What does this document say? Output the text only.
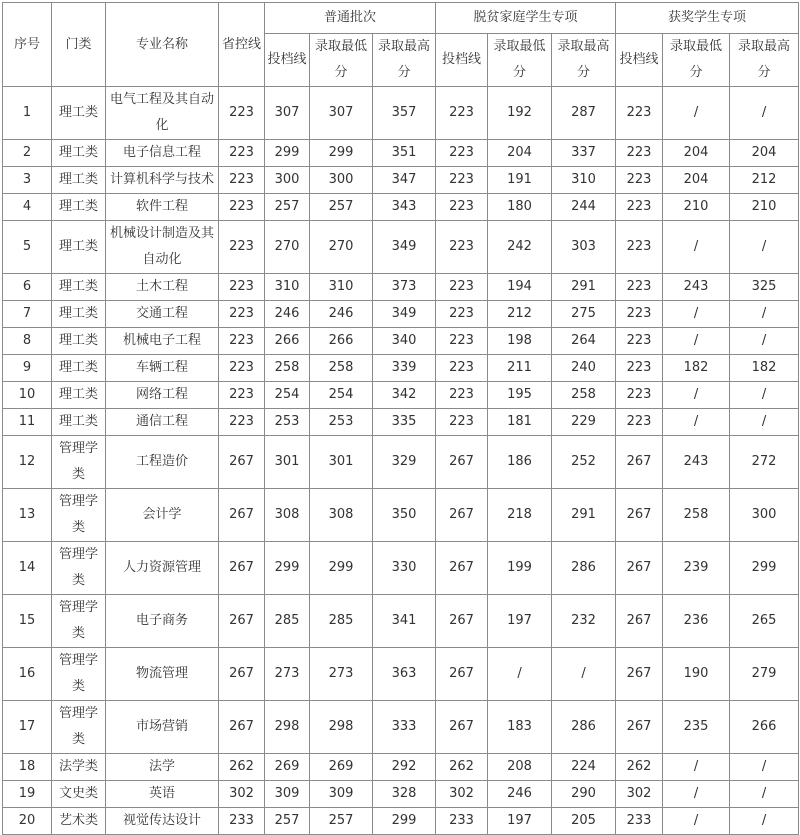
序号	门类	专业名称	省控线	普通批次			脱贫家庭学生专项			获奖学生专项		
				投档线	录取最低分	录取最高分	投档线	录取最低分	录取最高分	投档线	录取最低分	录取最高分
1	理工类	电气工程及其自动化	223	307	307	357	223	192	287	223	/	/
2	理工类	电子信息工程	223	299	299	351	223	204	337	223	204	204
3	理工类	计算机科学与技术	223	300	300	347	223	191	310	223	204	212
4	理工类	软件工程	223	257	257	343	223	180	244	223	210	210
5	理工类	机械设计制造及其自动化	223	270	270	349	223	242	303	223	/	/
6	理工类	土木工程	223	310	310	373	223	194	291	223	243	325
7	理工类	交通工程	223	246	246	349	223	212	275	223	/	/
8	理工类	机械电子工程	223	266	266	340	223	198	264	223	/	/
9	理工类	车辆工程	223	258	258	339	223	211	240	223	182	182
10	理工类	网络工程	223	254	254	342	223	195	258	223	/	/
11	理工类	通信工程	223	253	253	335	223	181	229	223	/	/
12	管理学类	工程造价	267	301	301	329	267	186	252	267	243	272
13	管理学类	会计学	267	308	308	350	267	218	291	267	258	300
14	管理学类	人力资源管理	267	299	299	330	267	199	286	267	239	299
15	管理学类	电子商务	267	285	285	341	267	197	232	267	236	265
16	管理学类	物流管理	267	273	273	363	267	/	/	267	190	279
17	管理学类	市场营销	267	298	298	333	267	183	286	267	235	266
18	法学类	法学	262	269	269	292	262	208	224	262	/	/
19	文史类	英语	302	309	309	328	302	246	290	302	/	/
20	艺术类	视觉传达设计	233	257	257	299	233	197	205	233	/	/
